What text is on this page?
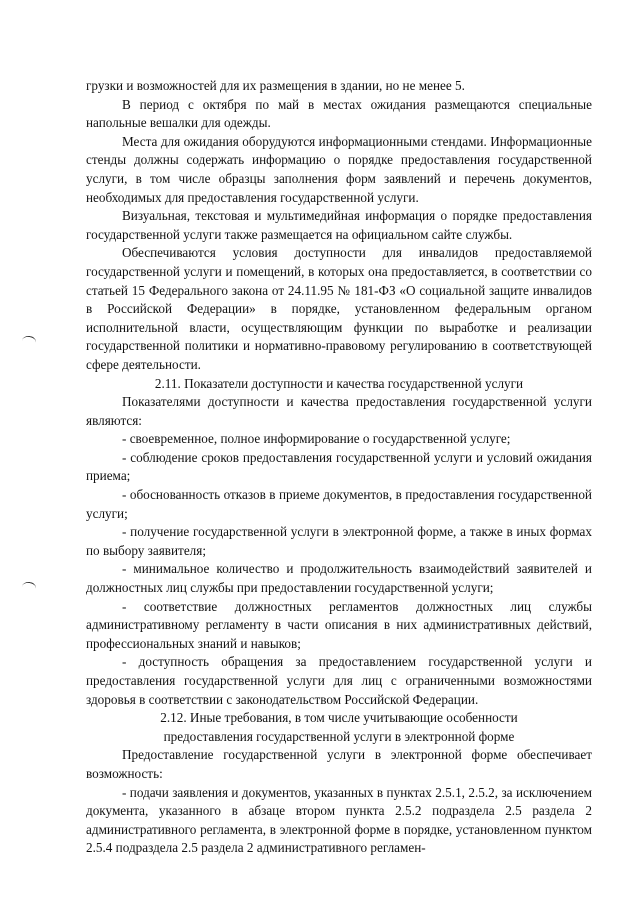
грузки и возможностей для их размещения в здании, но не менее 5.

В период с октября по май в местах ожидания размещаются специальные напольные вешалки для одежды.

Места для ожидания оборудуются информационными стендами. Информационные стенды должны содержать информацию о порядке предоставления государственной услуги, в том числе образцы заполнения форм заявлений и перечень документов, необходимых для предоставления государственной услуги.

Визуальная, текстовая и мультимедийная информация о порядке предоставления государственной услуги также размещается на официальном сайте службы.

Обеспечиваются условия доступности для инвалидов предоставляемой государственной услуги и помещений, в которых она предоставляется, в соответствии со статьей 15 Федерального закона от 24.11.95 № 181-ФЗ «О социальной защите инвалидов в Российской Федерации» в порядке, установленном федеральным органом исполнительной власти, осуществляющим функции по выработке и реализации государственной политики и нормативно-правовому регулированию в соответствующей сфере деятельности.

2.11. Показатели доступности и качества государственной услуги

Показателями доступности и качества предоставления государственной услуги являются:

- своевременное, полное информирование о государственной услуге;

- соблюдение сроков предоставления государственной услуги и условий ожидания приема;

- обоснованность отказов в приеме документов, в предоставления государственной услуги;

- получение государственной услуги в электронной форме, а также в иных формах по выбору заявителя;

- минимальное количество и продолжительность взаимодействий заявителей и должностных лиц службы при предоставлении государственной услуги;

- соответствие должностных регламентов должностных лиц службы административному регламенту в части описания в них административных действий, профессиональных знаний и навыков;

- доступность обращения за предоставлением государственной услуги и предоставления государственной услуги для лиц с ограниченными возможностями здоровья в соответствии с законодательством Российской Федерации.

2.12. Иные требования, в том числе учитывающие особенности
предоставления государственной услуги в электронной форме

Предоставление государственной услуги в электронной форме обеспечивает возможность:

- подачи заявления и документов, указанных в пунктах 2.5.1, 2.5.2, за исключением документа, указанного в абзаце втором пункта 2.5.2 подраздела 2.5 раздела 2 административного регламента, в электронной форме в порядке, установленном пунктом 2.5.4 подраздела 2.5 раздела 2 административного регламен-
